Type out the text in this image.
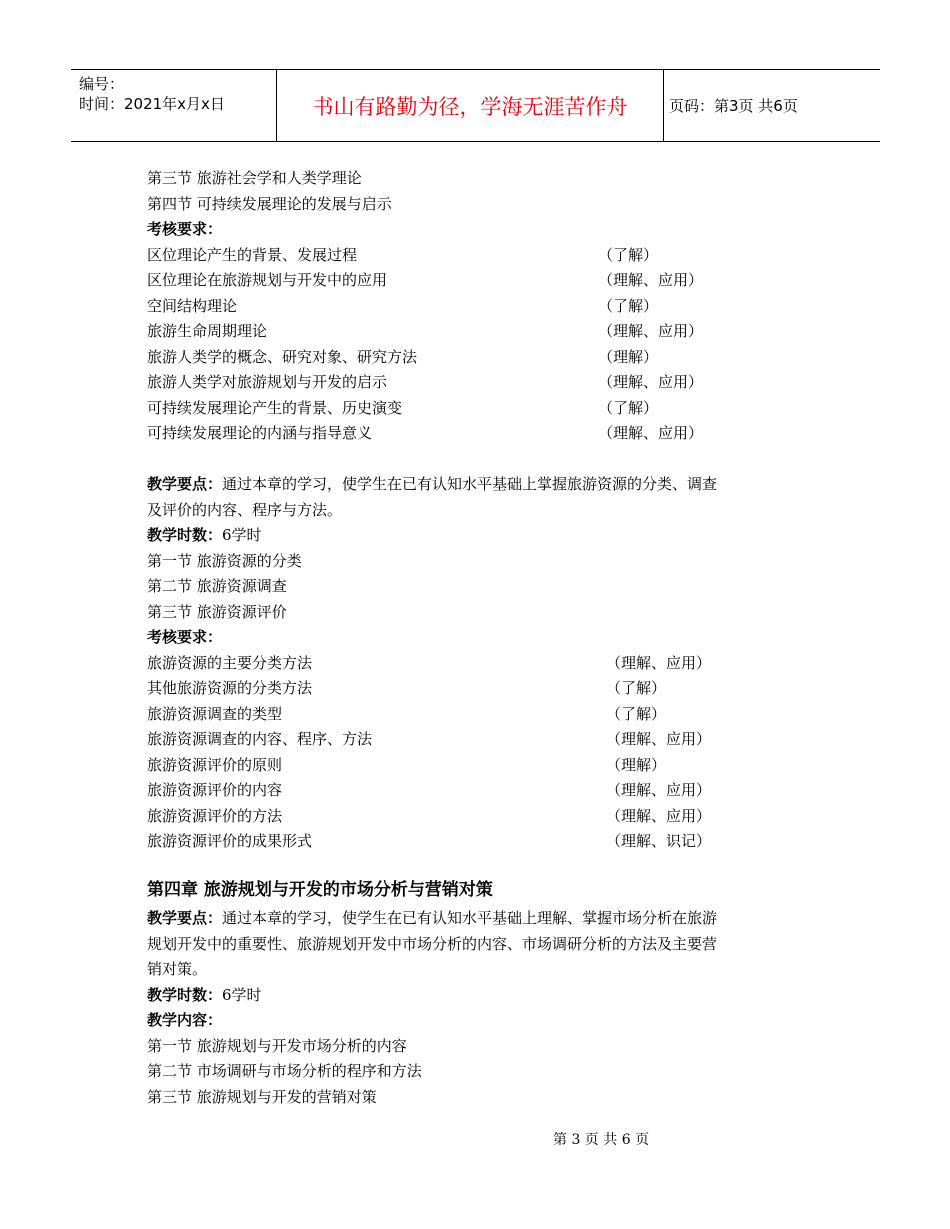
编号：
时间：2021年x月x日	书山有路勤为径，学海无涯苦作舟	页码：第3页 共6页
第三节 旅游社会学和人类学理论
第四节 可持续发展理论的发展与启示
考核要求：
区位理论产生的背景、发展过程	（了解）
区位理论在旅游规划与开发中的应用	（理解、应用）
空间结构理论	（了解）
旅游生命周期理论	（理解、应用）
旅游人类学的概念、研究对象、研究方法	（理解）
旅游人类学对旅游规划与开发的启示	（理解、应用）
可持续发展理论产生的背景、历史演变	（了解）
可持续发展理论的内涵与指导意义	（理解、应用）
教学要点：通过本章的学习，使学生在已有认知水平基础上掌握旅游资源的分类、调查
及评价的内容、程序与方法。
教学时数：6学时
第一节 旅游资源的分类
第二节 旅游资源调查
第三节 旅游资源评价
考核要求：
旅游资源的主要分类方法	（理解、应用）
其他旅游资源的分类方法	（了解）
旅游资源调查的类型	（了解）
旅游资源调查的内容、程序、方法	（理解、应用）
旅游资源评价的原则	（理解）
旅游资源评价的内容	（理解、应用）
旅游资源评价的方法	（理解、应用）
旅游资源评价的成果形式	（理解、识记）
第四章 旅游规划与开发的市场分析与营销对策
教学要点：通过本章的学习，使学生在已有认知水平基础上理解、掌握市场分析在旅游
规划开发中的重要性、旅游规划开发中市场分析的内容、市场调研分析的方法及主要营
销对策。
教学时数：6学时
教学内容：
第一节 旅游规划与开发市场分析的内容
第二节 市场调研与市场分析的程序和方法
第三节 旅游规划与开发的营销对策
第 3 页 共 6 页
